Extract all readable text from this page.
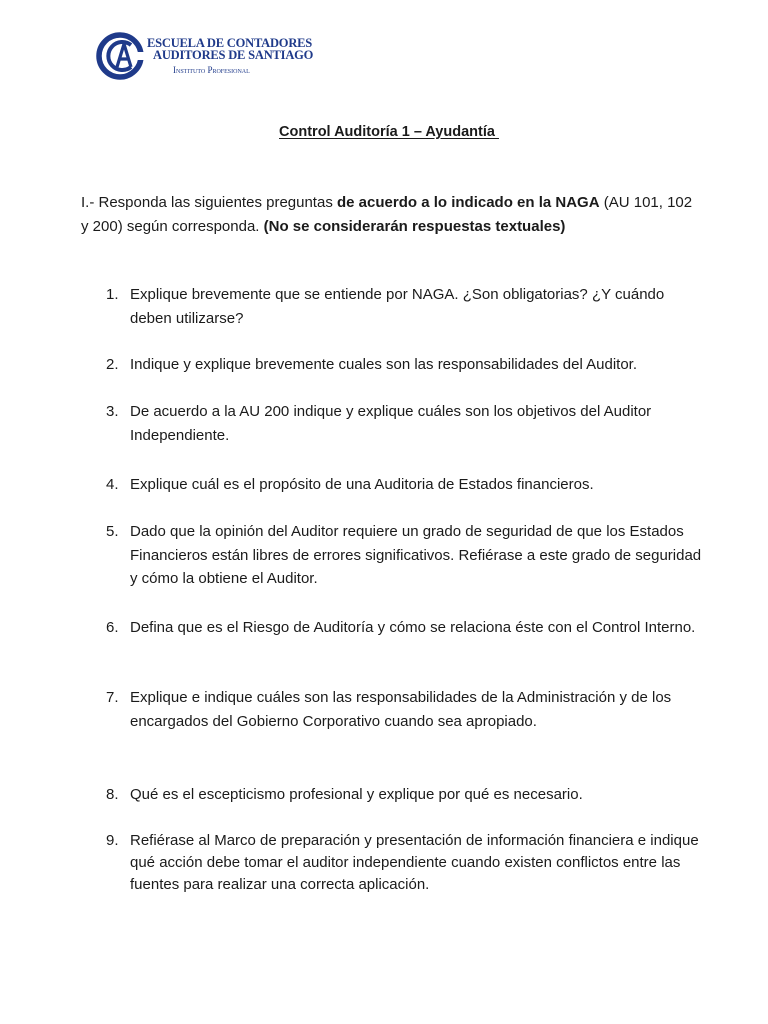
ESCUELA DE CONTADORES
AUDITORES DE SANTIAGO
Instituto Profesional
Control Auditoría 1 – Ayudantía
I.- Responda las siguientes preguntas de acuerdo a lo indicado en la NAGA (AU 101, 102 y 200) según corresponda. (No se considerarán respuestas textuales)
1. Explique brevemente que se entiende por NAGA. ¿Son obligatorias? ¿Y cuándo deben utilizarse?
2. Indique y explique brevemente cuales son las responsabilidades del Auditor.
3. De acuerdo a la AU 200 indique y explique cuáles son los objetivos del Auditor Independiente.
4. Explique cuál es el propósito de una Auditoria de Estados financieros.
5. Dado que la opinión del Auditor requiere un grado de seguridad de que los Estados Financieros están libres de errores significativos. Refiérase a este grado de seguridad y cómo la obtiene el Auditor.
6. Defina que es el Riesgo de Auditoría y cómo se relaciona éste con el Control Interno.
7. Explique e indique cuáles son las responsabilidades de la Administración y de los encargados del Gobierno Corporativo cuando sea apropiado.
8. Qué es el escepticismo profesional y explique por qué es necesario.
9. Refiérase al Marco de preparación y presentación de información financiera e indique qué acción debe tomar el auditor independiente cuando existen conflictos entre las fuentes para realizar una correcta aplicación.
